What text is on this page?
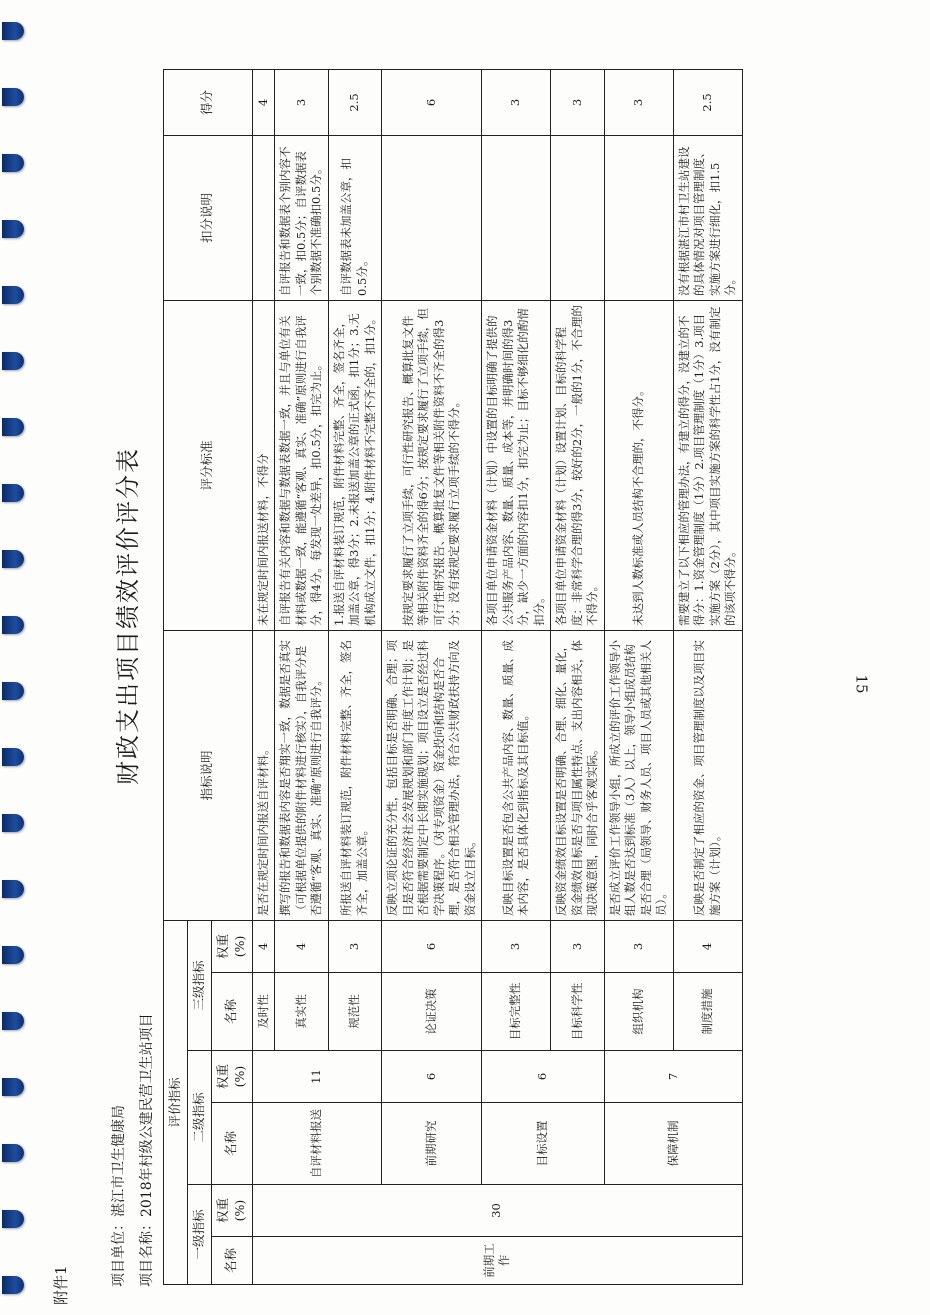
15
附件1
财政支出项目绩效评价评分表
项目单位：湛江市卫生健康局 项目名称：2018年村级公建民营卫生站项目 评价指标						指标说明	评分标准	扣分说明	得分
一级指标		二级指标		三级指标					
名称	权重(%)	名称	权重(%)	名称	权重(%)				
前期工作	30	自评材料报送	11	及时性	4	是否在规定时间内报送自评材料。	未在规定时间内报送材料，不得分		4
				真实性	4	撰写的报告和数据表内容是否翔实一致，数据是否真实（可根据单位提供的附件材料进行核实），自我评分是否遵循“客观、真实、准确”原则进行自我评分。	自评报告有关内容和数据与数据表数据一致，并且与单位有关材料或数据一致，能遵循“客观、真实、准确”原则进行自我评分，得4分。每发现一处差异，扣0.5分，扣完为止。	自评报告和数据表个别内容不一致，扣0.5分；自评数据表个别数据不准确扣0.5分。	3
				规范性	3	所报送自评材料装订规范，附件材料完整、齐全，签名齐全，加盖公章。	1.报送自评材料装订规范，附件材料完整、齐全，签名齐全，加盖公章，得3分；2.未报送加盖公章的正式函，扣1分；3.无机构成立文件，扣1分；4.附件材料不完整不齐全的，扣1分。	自评数据表未加盖公章，扣0.5分。	2.5
		前期研究	6	论证决策	6	反映立项论证的充分性，包括目标是否明确、合理；项目是否符合经济社会发展规划和部门年度工作计划；是否根据需要制定中长期实施规划；项目设立是否经过科学决策程序。（对专项资金）资金投向和结构是否合理，是否符合相关管理办法，符合公共财政扶持方向及资金设立目标。	按规定要求履行了立项手续，可行性研究报告、概算批复文件等相关附件资料齐全的得6分；按规定要求履行了立项手续，但可行性研究报告、概算批复文件等相关附件资料不齐全的得3分；没有按规定要求履行立项手续的不得分。		6
		目标设置	6	目标完整性	3	反映目标设置是否包含公共产品内容、数量、质量、成本内容，是否具体化到指标及其目标值。	各项目单位申请资金材料（计划）中设置的目标明确了提供的公共服务产品内容、数量、质量、成本等，并明确时间的得3分，缺少一方面的内容扣1分，扣完为止；目标不够细化的酌情扣分。		3
				目标科学性	3	反映资金绩效目标设置是否明确、合理、细化、量化，资金绩效目标是否与项目属性特点、支出内容相关，体现决策意图，同时合乎客观实际。	各项目单位申请资金材料（计划）设置计划、目标的科学程度：非常科学合理的得3分，较好的2分，一般的1分，不合理的不得分。		3
		保障机制	7	组织机构	3	是否成立评价工作领导小组，所成立的评价工作领导小组人数是否达到标准（3人）以上，领导小组成员结构是否合理（局领导、财务人员、项目人员或其他相关人员）。	未达到人数标准或人员结构不合理的，不得分。		3
				制度措施	4	反映是否制定了相应的资金、项目管理制度以及项目实施方案（计划）。	需要建立了以下相应的管理办法，有建立的得分，没建立的不得分：1.资金管理制度（1分）2.项目管理制度（1分）3.项目实施方案（2分），其中项目实施方案的科学性占1分，没有制定的该项不得分。	没有根据湛江市村卫生站建设的具体情况对项目管理制度、实施方案进行细化，扣1.5分。	2.5
